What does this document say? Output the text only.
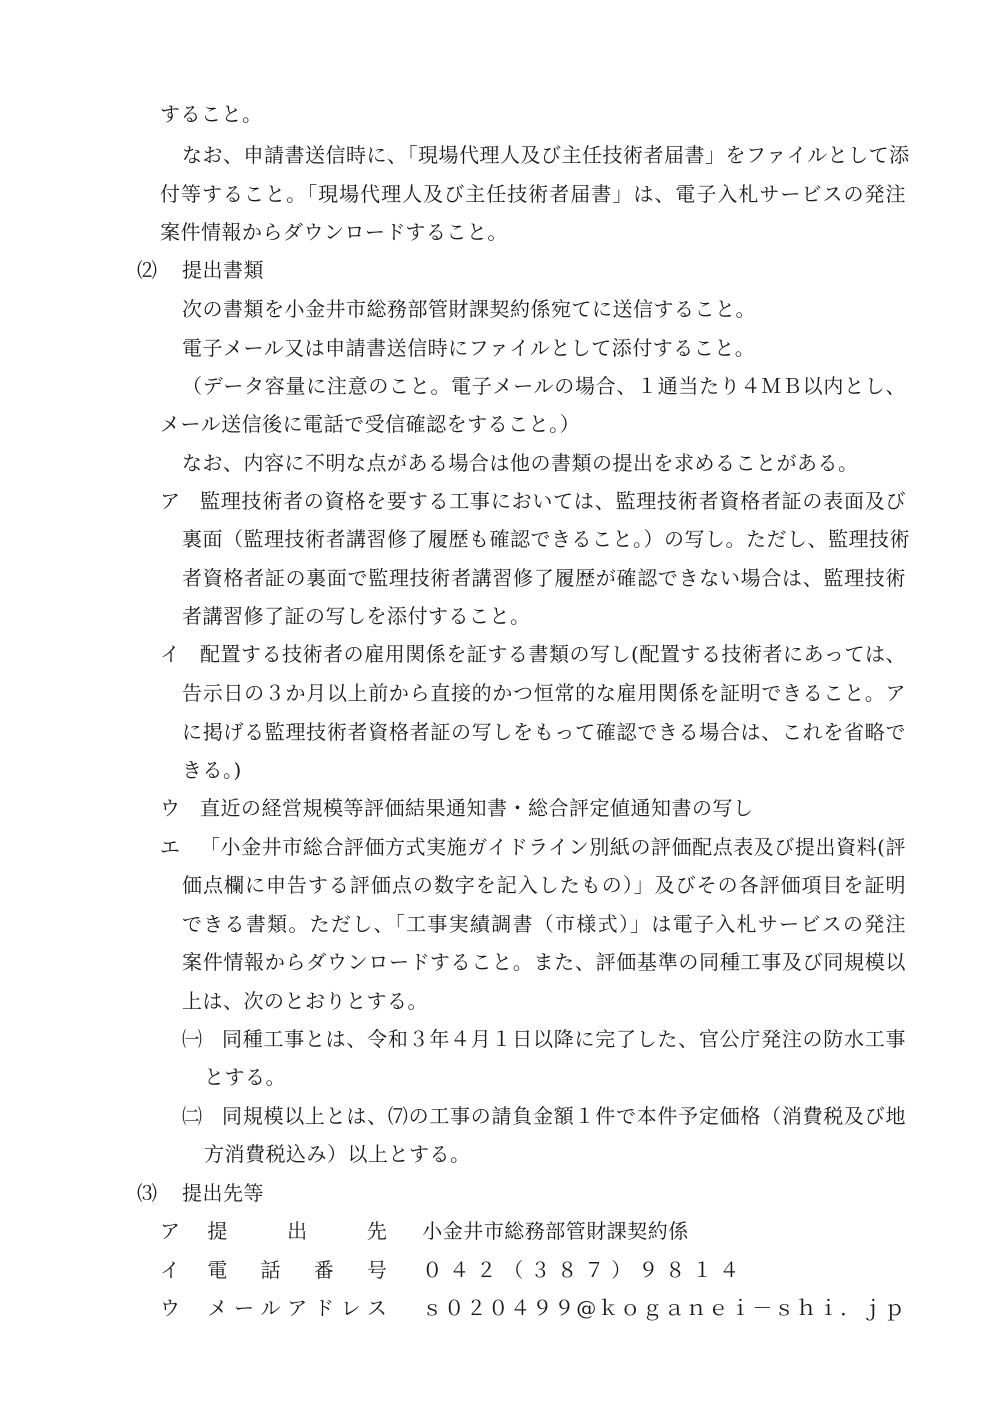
すること。
なお、申請書送信時に、「現場代理人及び主任技術者届書」をファイルとして添
付等すること。「現場代理人及び主任技術者届書」は、電子入札サービスの発注
案件情報からダウンロードすること。
⑵ 提出書類
次の書類を小金井市総務部管財課契約係宛てに送信すること。
電子メール又は申請書送信時にファイルとして添付すること。
（データ容量に注意のこと。電子メールの場合、１通当たり４ＭＢ以内とし、
メール送信後に電話で受信確認をすること。）
なお、内容に不明な点がある場合は他の書類の提出を求めることがある。
ア 監理技術者の資格を要する工事においては、監理技術者資格者証の表面及び
裏面（監理技術者講習修了履歴も確認できること。）の写し。ただし、監理技術
者資格者証の裏面で監理技術者講習修了履歴が確認できない場合は、監理技術
者講習修了証の写しを添付すること。
イ 配置する技術者の雇用関係を証する書類の写し(配置する技術者にあっては、
告示日の３か月以上前から直接的かつ恒常的な雇用関係を証明できること。ア
に掲げる監理技術者資格者証の写しをもって確認できる場合は、これを省略で
きる。)
ウ 直近の経営規模等評価結果通知書・総合評定値通知書の写し
エ 「小金井市総合評価方式実施ガイドライン別紙の評価配点表及び提出資料(評
価点欄に申告する評価点の数字を記入したもの）」及びその各評価項目を証明
できる書類。ただし、「工事実績調書（市様式）」は電子入札サービスの発注
案件情報からダウンロードすること。また、評価基準の同種工事及び同規模以
上は、次のとおりとする。
㈠ 同種工事とは、令和３年４月１日以降に完了した、官公庁発注の防水工事
とする。
㈡ 同規模以上とは、⑺の工事の請負金額１件で本件予定価格（消費税及び地
方消費税込み）以上とする。
⑶ 提出先等
ア 提出先 小金井市総務部管財課契約係
イ 電話番号 ０４２（３８７）９８１４
ウ メールアドレス ｓ０２０４９９@ｋｏｇａｎｅｉ－ｓｈｉ．ｊｐ
